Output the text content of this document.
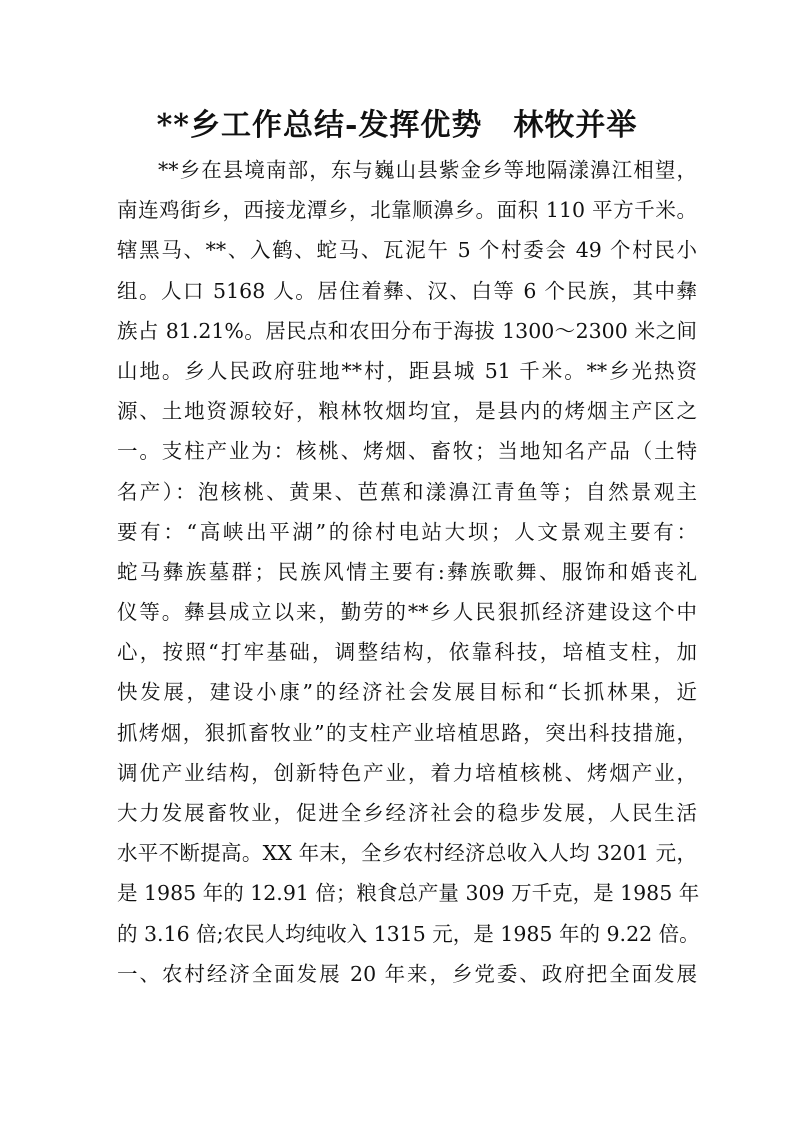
**乡工作总结-发挥优势　林牧并举
**乡在县境南部，东与巍山县紫金乡等地隔漾濞江相望，
南连鸡街乡，西接龙潭乡，北靠顺濞乡。面积 110 平方千米。
辖黑马、**、入鹤、蛇马、瓦泥午 5 个村委会 49 个村民小
组。人口 5168 人。居住着彝、汉、白等 6 个民族，其中彝
族占 81.21%。居民点和农田分布于海拔 1300～2300 米之间
山地。乡人民政府驻地**村，距县城 51 千米。**乡光热资
源、土地资源较好，粮林牧烟均宜，是县内的烤烟主产区之
一。支柱产业为：核桃、烤烟、畜牧；当地知名产品（土特
名产）：泡核桃、黄果、芭蕉和漾濞江青鱼等；自然景观主
要有：“高峡出平湖”的徐村电站大坝；人文景观主要有：
蛇马彝族墓群；民族风情主要有:彝族歌舞、服饰和婚丧礼
仪等。彝县成立以来，勤劳的**乡人民狠抓经济建设这个中
心，按照“打牢基础，调整结构，依靠科技，培植支柱，加
快发展，建设小康”的经济社会发展目标和“长抓林果，近
抓烤烟，狠抓畜牧业”的支柱产业培植思路，突出科技措施，
调优产业结构，创新特色产业，着力培植核桃、烤烟产业，
大力发展畜牧业，促进全乡经济社会的稳步发展，人民生活
水平不断提高。XX 年末，全乡农村经济总收入人均 3201 元，
是 1985 年的 12.91 倍；粮食总产量 309 万千克，是 1985 年
的 3.16 倍;农民人均纯收入 1315 元，是 1985 年的 9.22 倍。
一、农村经济全面发展 20 年来，乡党委、政府把全面发展
